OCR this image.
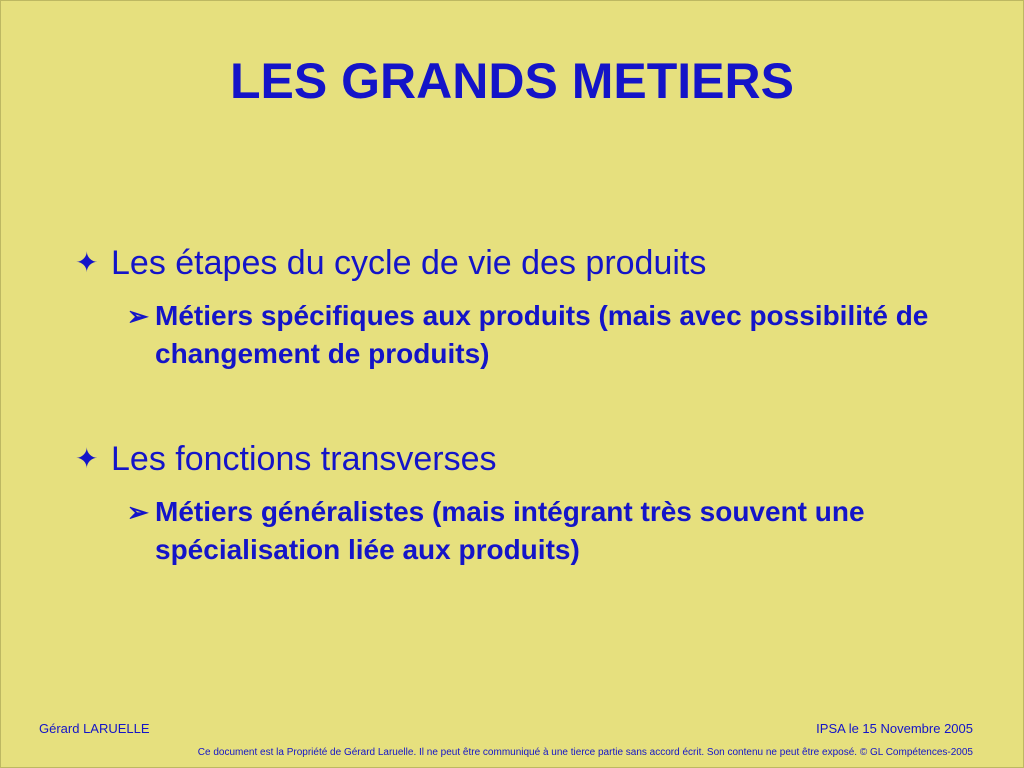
LES GRANDS METIERS
✦ Les étapes du cycle de vie des produits
➢ Métiers spécifiques aux produits (mais avec possibilité de changement de produits)
✦ Les fonctions transverses
➢ Métiers généralistes (mais intégrant très souvent une spécialisation liée aux produits)
Gérard LARUELLE	IPSA le 15 Novembre 2005
Ce document est la Propriété de Gérard Laruelle. Il ne peut être communiqué à une tierce partie sans accord écrit. Son contenu ne peut être exposé. © GL Compétences-2005
